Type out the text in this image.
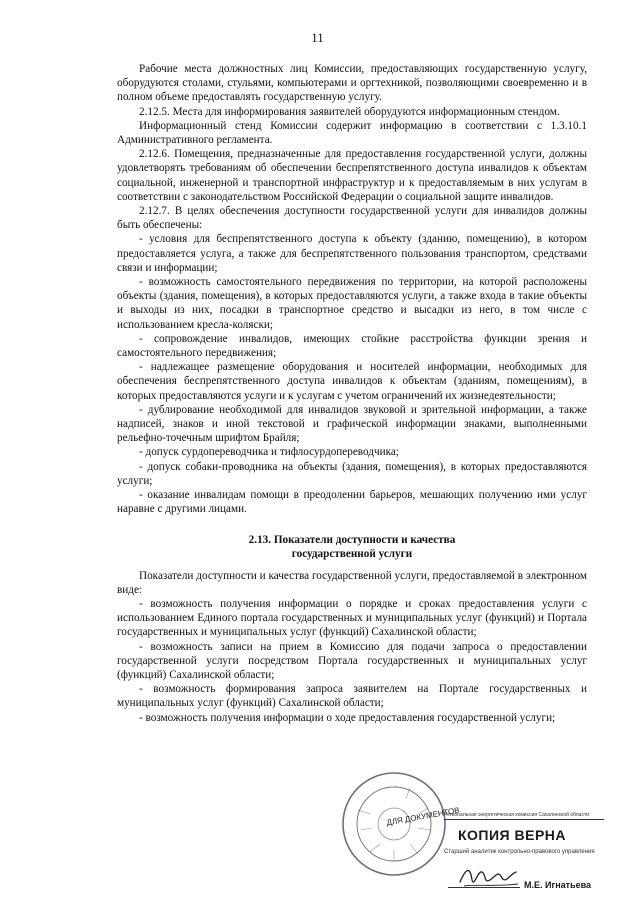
11

Рабочие места должностных лиц Комиссии, предоставляющих государственную услугу, оборудуются столами, стульями, компьютерами и оргтехникой, позволяющими своевременно и в полном объеме предоставлять государственную услугу.

2.12.5. Места для информирования заявителей оборудуются информационным стендом.

Информационный стенд Комиссии содержит информацию в соответствии с 1.3.10.1 Административного регламента.

2.12.6. Помещения, предназначенные для предоставления государственной услуги, должны удовлетворять требованиям об обеспечении беспрепятственного доступа инвалидов к объектам социальной, инженерной и транспортной инфраструктур и к предоставляемым в них услугам в соответствии с законодательством Российской Федерации о социальной защите инвалидов.

2.12.7. В целях обеспечения доступности государственной услуги для инвалидов должны быть обеспечены:

- условия для беспрепятственного доступа к объекту (зданию, помещению), в котором предоставляется услуга, а также для беспрепятственного пользования транспортом, средствами связи и информации;

- возможность самостоятельного передвижения по территории, на которой расположены объекты (здания, помещения), в которых предоставляются услуги, а также входа в такие объекты и выходы из них, посадки в транспортное средство и высадки из него, в том числе с использованием кресла-коляски;

- сопровождение инвалидов, имеющих стойкие расстройства функции зрения и самостоятельного передвижения;

- надлежащее размещение оборудования и носителей информации, необходимых для обеспечения беспрепятственного доступа инвалидов к объектам (зданиям, помещениям), в которых предоставляются услуги и к услугам с учетом ограничений их жизнедеятельности;

- дублирование необходимой для инвалидов звуковой и зрительной информации, а также надписей, знаков и иной текстовой и графической информации знаками, выполненными рельефно-точечным шрифтом Брайля;

- допуск сурдопереводчика и тифлосурдопереводчика;

- допуск собаки-проводника на объекты (здания, помещения), в которых предоставляются услуги;

- оказание инвалидам помощи в преодолении барьеров, мешающих получению ими услуг наравне с другими лицами.

2.13. Показатели доступности и качества
государственной услуги

Показатели доступности и качества государственной услуги, предоставляемой в электронном виде:

- возможность получения информации о порядке и сроках предоставления услуги с использованием Единого портала государственных и муниципальных услуг (функций) и Портала государственных и муниципальных услуг (функций) Сахалинской области;

- возможность записи на прием в Комиссию для подачи запроса о предоставлении государственной услуги посредством Портала государственных и муниципальных услуг (функций) Сахалинской области;

- возможность формирования запроса заявителем на Портале государственных и муниципальных услуг (функций) Сахалинской области;

- возможность получения информации о ходе предоставления государственной услуги;

ДЛЯ ДОКУМЕНТОВ
Региональная энергетическая комиссия Сахалинской области
КОПИЯ ВЕРНА
Старший аналитик контрольно-правового управления
М.Е. Игнатьева
